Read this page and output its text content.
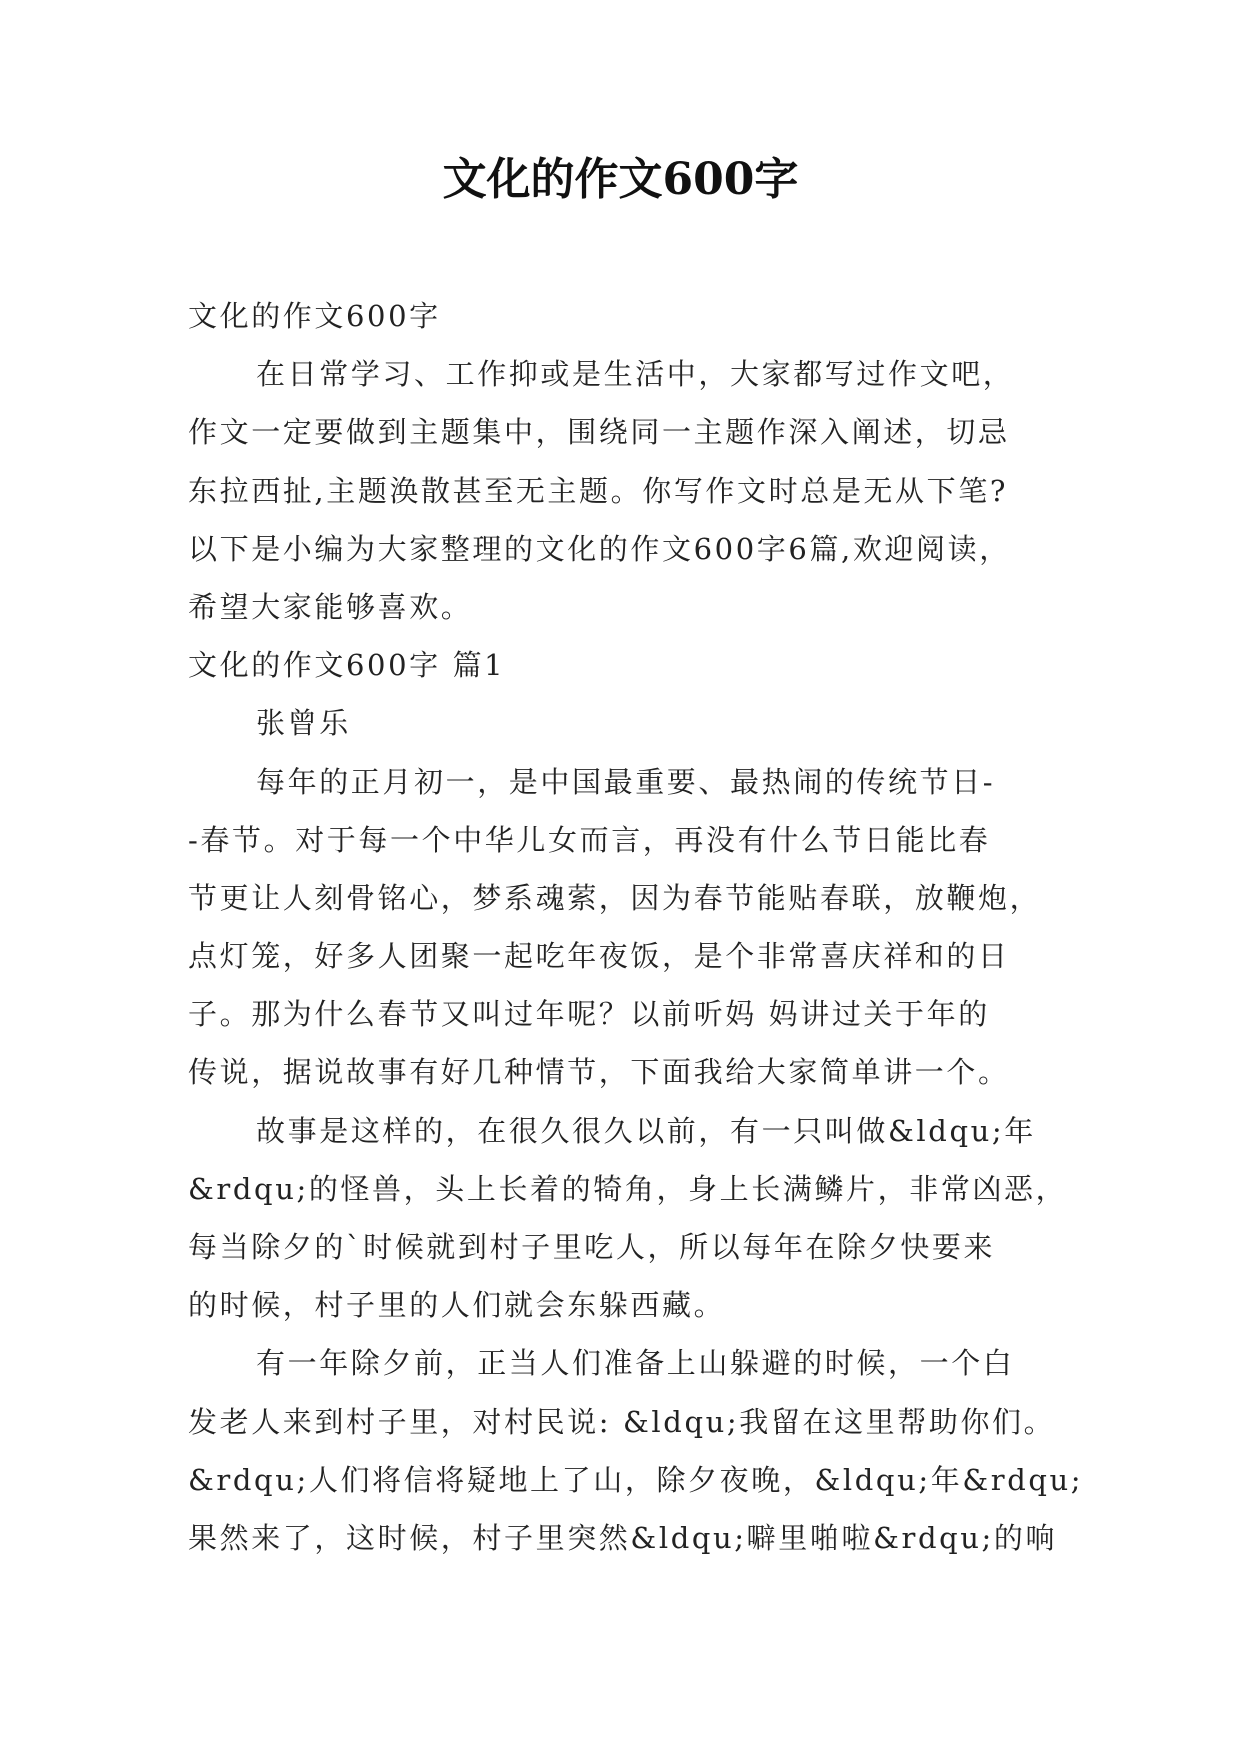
文化的作文600字
文化的作文600字
在日常学习、工作抑或是生活中，大家都写过作文吧，
作文一定要做到主题集中，围绕同一主题作深入阐述，切忌
东拉西扯,主题涣散甚至无主题。你写作文时总是无从下笔?
以下是小编为大家整理的文化的作文600字6篇,欢迎阅读，
希望大家能够喜欢。
文化的作文600字 篇1
张曾乐
每年的正月初一，是中国最重要、最热闹的传统节日-
-春节。对于每一个中华儿女而言，再没有什么节日能比春
节更让人刻骨铭心，梦系魂萦，因为春节能贴春联，放鞭炮，
点灯笼，好多人团聚一起吃年夜饭，是个非常喜庆祥和的日
子。那为什么春节又叫过年呢？以前听妈 妈讲过关于年的
传说，据说故事有好几种情节，下面我给大家简单讲一个。
故事是这样的，在很久很久以前，有一只叫做&ldqu;年
&rdqu;的怪兽，头上长着的犄角，身上长满鳞片，非常凶恶，
每当除夕的`时候就到村子里吃人，所以每年在除夕快要来
的时候，村子里的人们就会东躲西藏。
有一年除夕前，正当人们准备上山躲避的时候，一个白
发老人来到村子里，对村民说: &ldqu;我留在这里帮助你们。
&rdqu;人们将信将疑地上了山，除夕夜晚，&ldqu;年&rdqu;
果然来了，这时候，村子里突然&ldqu;噼里啪啦&rdqu;的响
